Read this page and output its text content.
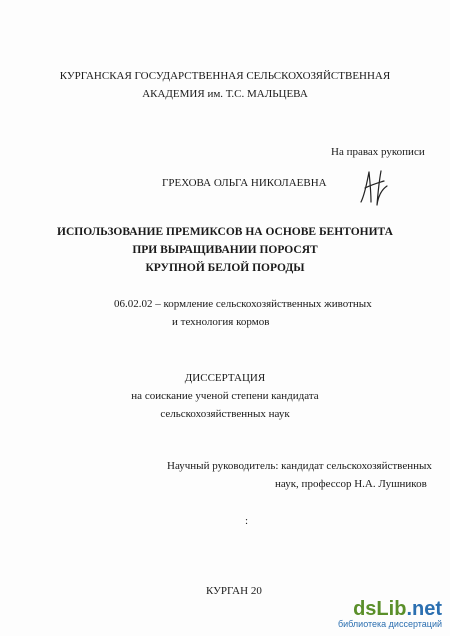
КУРГАНСКАЯ ГОСУДАРСТВЕННАЯ СЕЛЬСКОХОЗЯЙСТВЕННАЯ
АКАДЕМИЯ им. Т.С. МАЛЬЦЕВА
На правах рукописи
ГРЕХОВА ОЛЬГА НИКОЛАЕВНА
ИСПОЛЬЗОВАНИЕ ПРЕМИКСОВ НА ОСНОВЕ БЕНТОНИТА
ПРИ ВЫРАЩИВАНИИ ПОРОСЯТ
КРУПНОЙ БЕЛОЙ ПОРОДЫ
06.02.02 – кормление сельскохозяйственных животных
и технология кормов
ДИССЕРТАЦИЯ
на соискание ученой степени кандидата
сельскохозяйственных наук
Научный руководитель: кандидат сельскохозяйственных
наук, профессор Н.А. Лушников
:
КУРГАН 20
dsLib.net
библиотека диссертаций
